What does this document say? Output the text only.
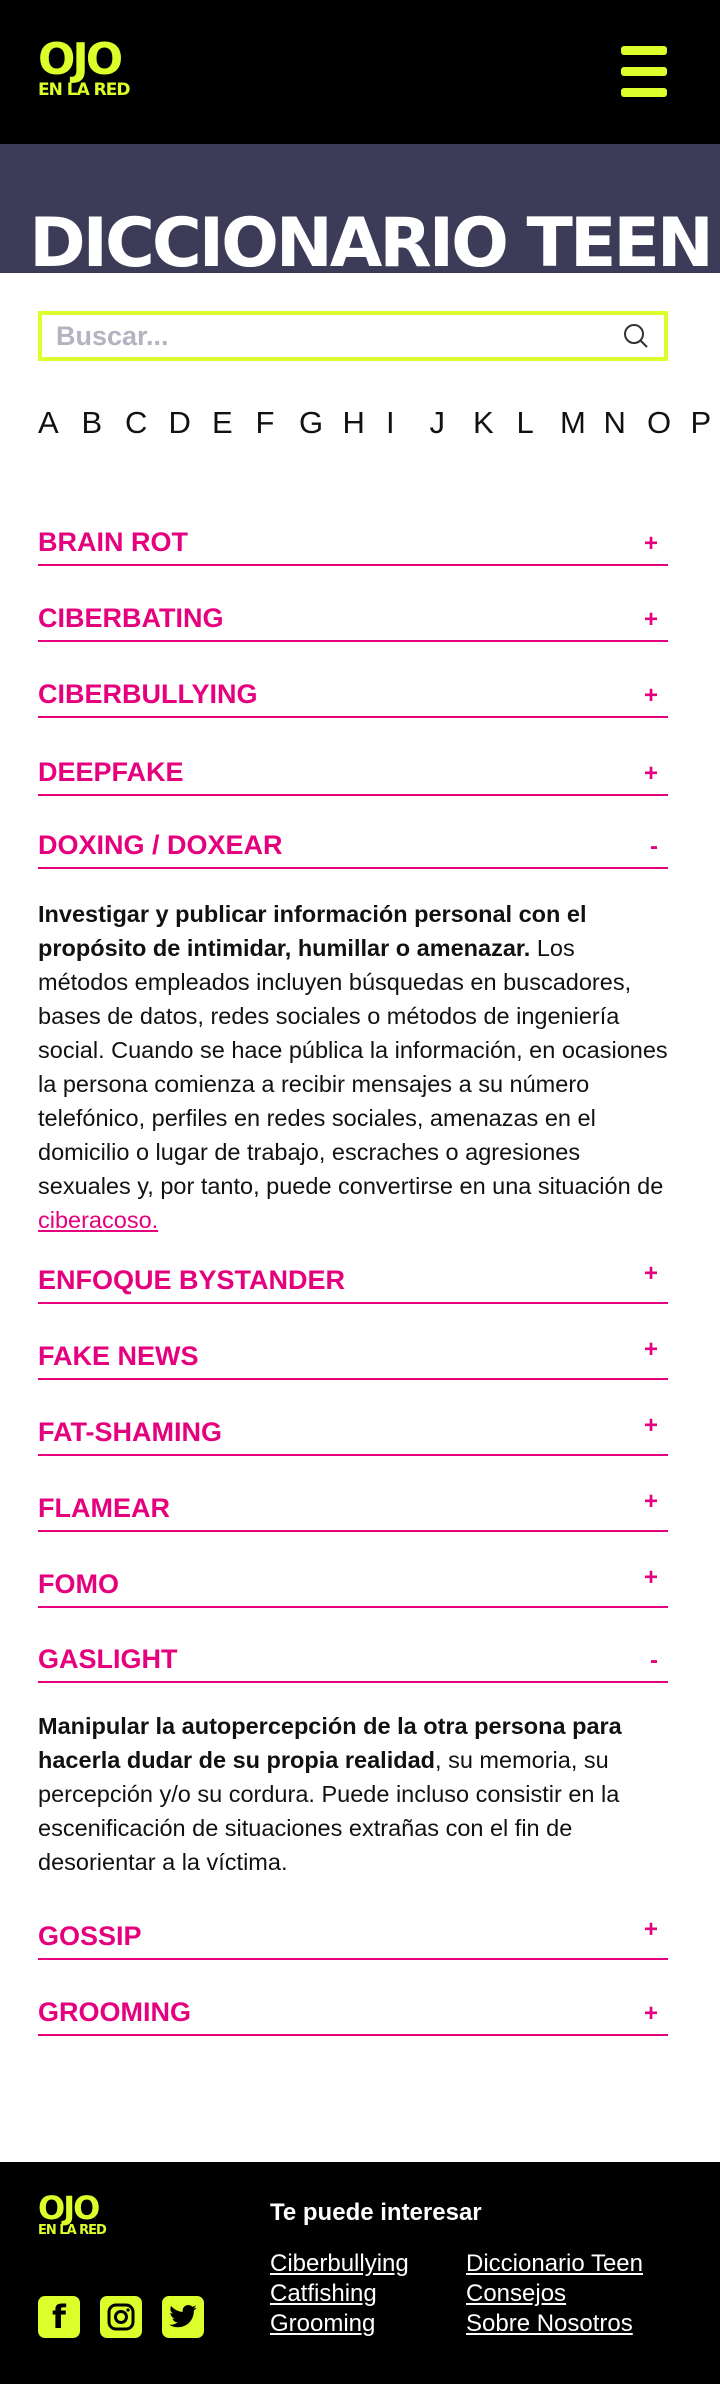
OJO
EN LA RED
DICCIONARIO TEEN
Buscar...
A B C D E F G H I	J K L M N O P
BRAIN ROT	+
CIBERBATING	+
CIBERBULLYING	+
DEEPFAKE	+
DOXING / DOXEAR	-
Investigar y publicar información personal con el propósito de intimidar, humillar o amenazar. Los métodos empleados incluyen búsquedas en buscadores, bases de datos, redes sociales o métodos de ingeniería social. Cuando se hace pública la información, en ocasiones la persona comienza a recibir mensajes a su número telefónico, perfiles en redes sociales, amenazas en el domicilio o lugar de trabajo, escraches o agresiones sexuales y, por tanto, puede convertirse en una situación de ciberacoso.
ENFOQUE BYSTANDER	+
FAKE NEWS	+
FAT-SHAMING	+
FLAMEAR	+
FOMO	+
GASLIGHT	-
Manipular la autopercepción de la otra persona para hacerla dudar de su propia realidad, su memoria, su percepción y/o su cordura. Puede incluso consistir en la escenificación de situaciones extrañas con el fin de desorientar a la víctima.
GOSSIP	+
GROOMING	+
OJO
EN LA RED
f
Te puede interesar
Ciberbullying
Catfishing
Grooming
Diccionario Teen
Consejos
Sobre Nosotros
